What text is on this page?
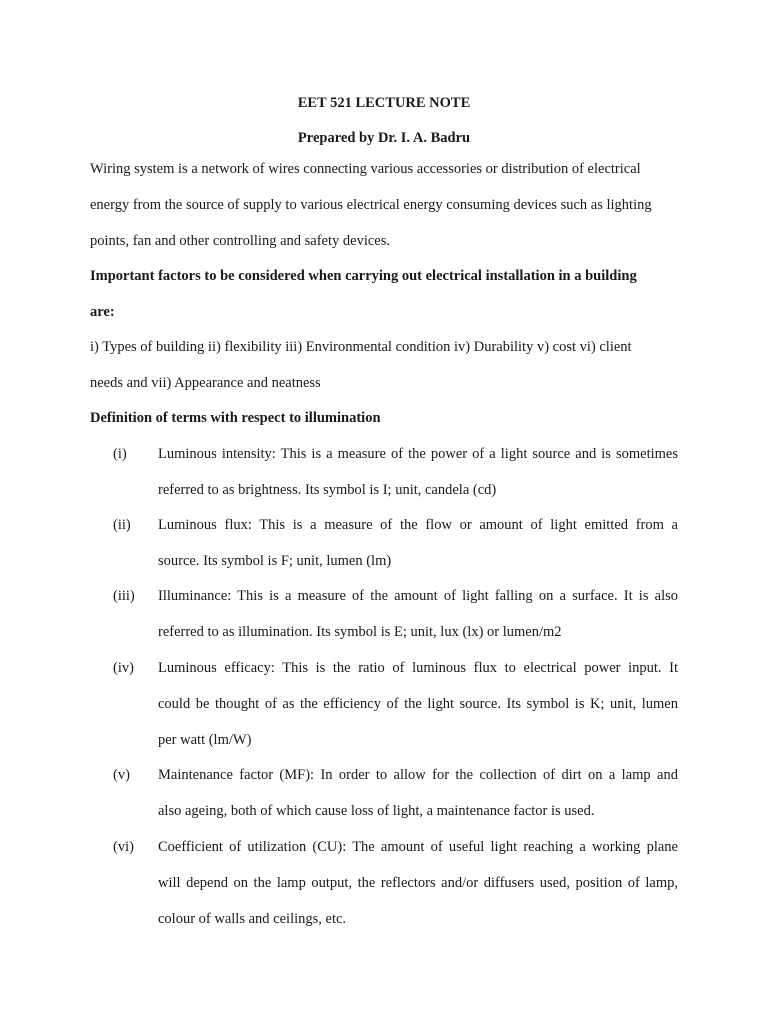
EET 521 LECTURE NOTE
Prepared by Dr. I. A. Badru
Wiring system is a network of wires connecting various accessories or distribution of electrical
energy from the source of supply to various electrical energy consuming devices such as lighting
points, fan and other controlling and safety devices.
Important factors to be considered when carrying out electrical installation in a building
are:
i) Types of building ii) flexibility iii) Environmental condition iv) Durability v) cost vi) client
needs and vii) Appearance and neatness
Definition of terms with respect to illumination
(i) Luminous intensity: This is a measure of the power of a light source and is sometimes
referred to as brightness. Its symbol is I; unit, candela (cd)
(ii) Luminous flux: This is a measure of the flow or amount of light emitted from a
source. Its symbol is F; unit, lumen (lm)
(iii) Illuminance: This is a measure of the amount of light falling on a surface. It is also
referred to as illumination. Its symbol is E; unit, lux (lx) or lumen/m2
(iv) Luminous efficacy: This is the ratio of luminous flux to electrical power input. It
could be thought of as the efficiency of the light source. Its symbol is K; unit, lumen
per watt (lm/W)
(v) Maintenance factor (MF): In order to allow for the collection of dirt on a lamp and
also ageing, both of which cause loss of light, a maintenance factor is used.
(vi) Coefficient of utilization (CU): The amount of useful light reaching a working plane
will depend on the lamp output, the reflectors and/or diffusers used, position of lamp,
colour of walls and ceilings, etc.
